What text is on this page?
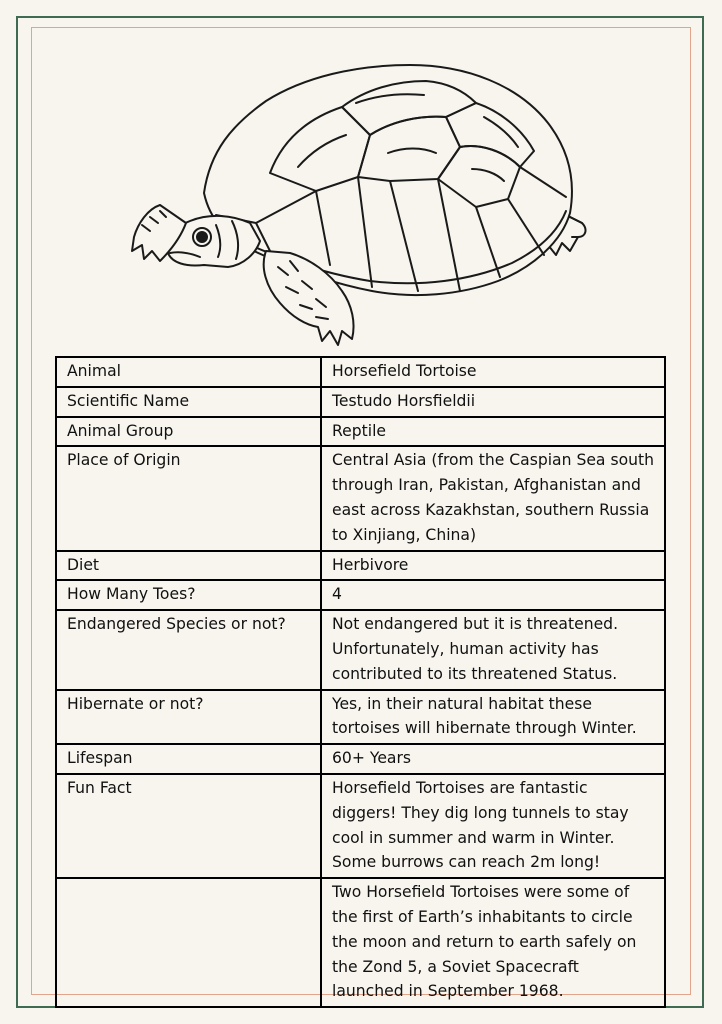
Animal	Horsefield Tortoise
Scientific Name	Testudo Horsfieldii
Animal Group	Reptile
Place of Origin	Central Asia (from the Caspian Sea south through Iran, Pakistan, Afghanistan and east across Kazakhstan, southern Russia to Xinjiang, China)
Diet	Herbivore
How Many Toes?	4
Endangered Species or not?	Not endangered but it is threatened. Unfortunately, human activity has contributed to its threatened Status.
Hibernate or not?	Yes, in their natural habitat these tortoises will hibernate through Winter.
Lifespan	60+ Years
Fun Fact	Horsefield Tortoises are fantastic diggers! They dig long tunnels to stay cool in summer and warm in Winter. Some burrows can reach 2m long!
	Two Horsefield Tortoises were some of the first of Earth’s inhabitants to circle the moon and return to earth safely on the Zond 5, a Soviet Spacecraft launched in September 1968.
